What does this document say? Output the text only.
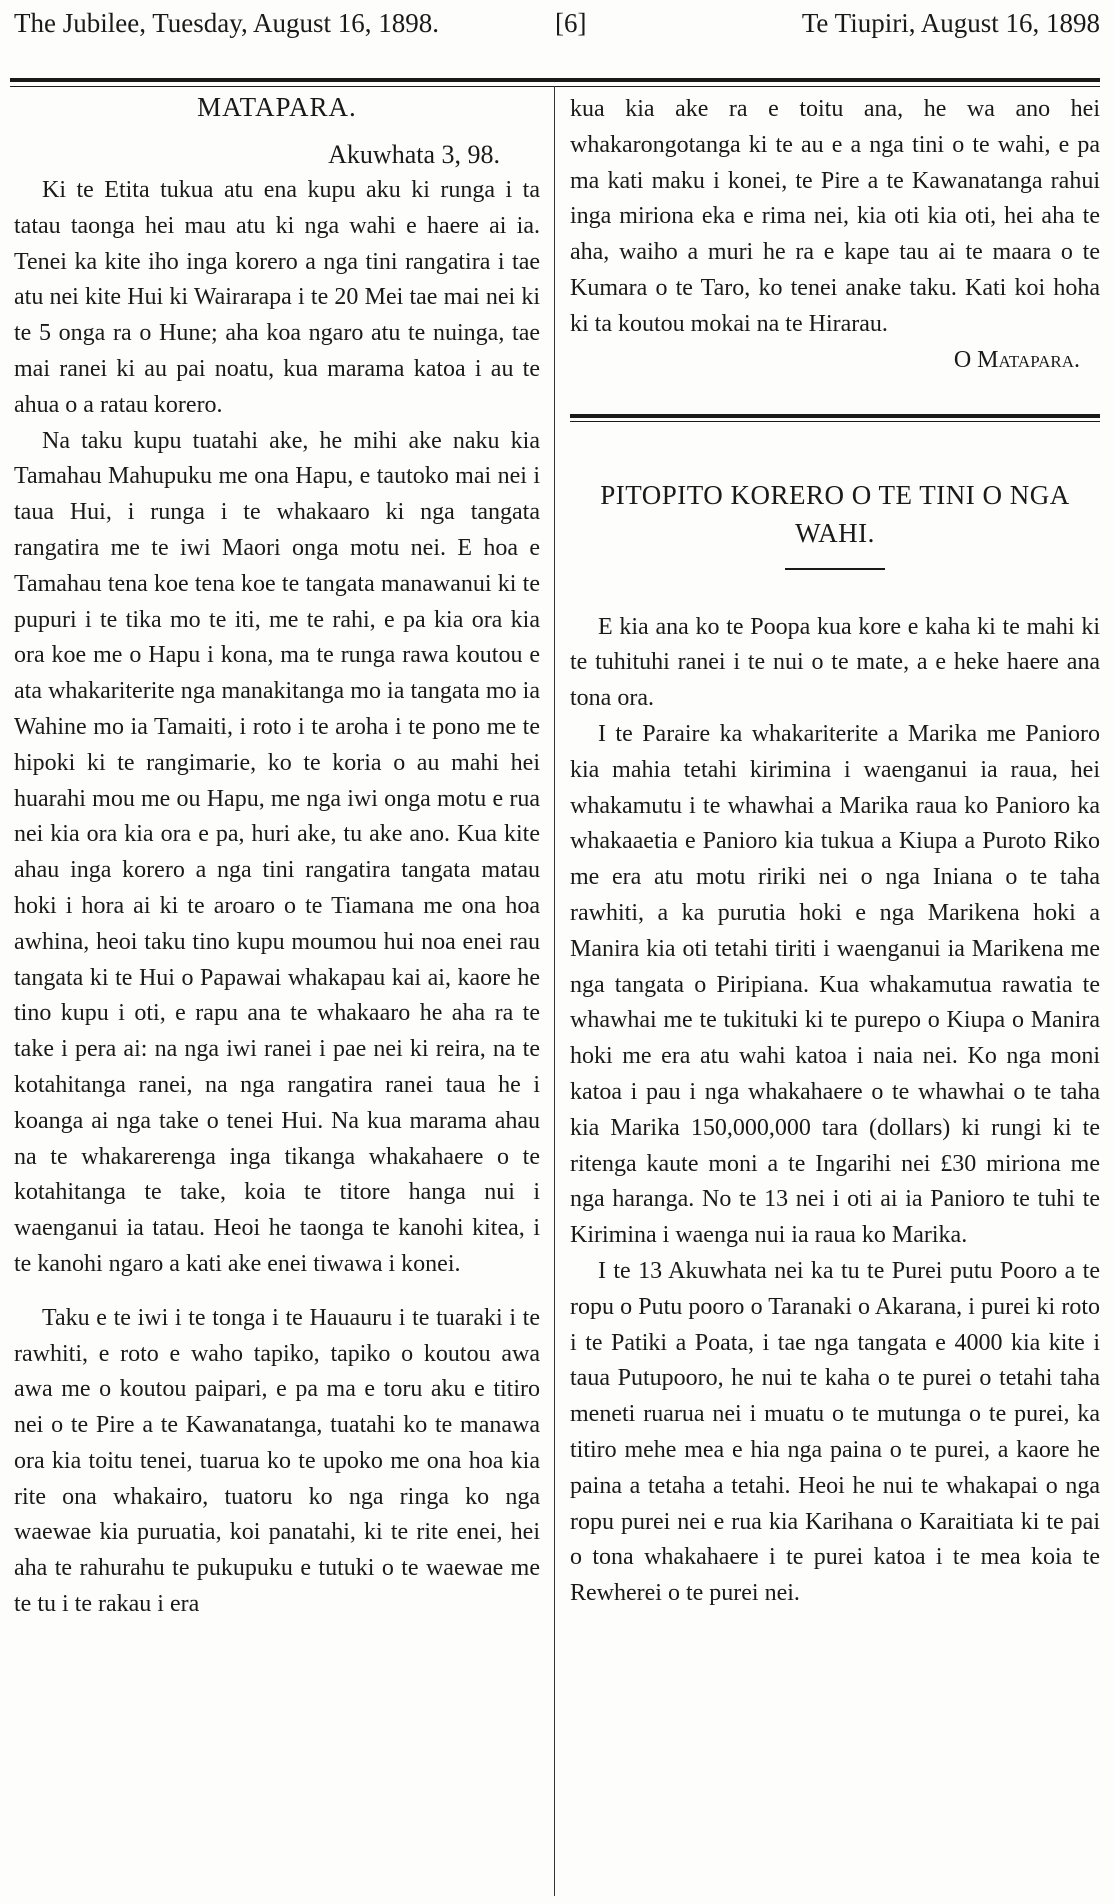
The Jubilee, Tuesday, August 16, 1898.	[6]	Te Tiupiri, August 16, 1898
MATAPARA.
Akuwhata 3, 98.

Ki te Etita tukua atu ena kupu aku ki runga i ta tatau taonga hei mau atu ki nga wahi e haere ai ia. Tenei ka kite iho inga korero a nga tini rangatira i tae atu nei kite Hui ki Wairarapa i te 20 Mei tae mai nei ki te 5 onga ra o Hune; aha koa ngaro atu te nuinga, tae mai ranei ki au pai noatu, kua marama katoa i au te ahua o a ratau korero.

Na taku kupu tuatahi ake, he mihi ake naku kia Tamahau Mahupuku me ona Hapu, e tautoko mai nei i taua Hui, i runga i te whakaaro ki nga tangata rangatira me te iwi Maori onga motu nei. E hoa e Tamahau tena koe tena koe te tangata manawanui ki te pupuri i te tika mo te iti, me te rahi, e pa kia ora kia ora koe me o Hapu i kona, ma te runga rawa koutou e ata whakariterite nga manakitanga mo ia tangata mo ia Wahine mo ia Tamaiti, i roto i te aroha i te pono me te hipoki ki te rangimarie, ko te koria o au mahi hei huarahi mou me ou Hapu, me nga iwi onga motu e rua nei kia ora kia ora e pa, huri ake, tu ake ano. Kua kite ahau inga korero a nga tini rangatira tangata matau hoki i hora ai ki te aroaro o te Tiamana me ona hoa awhina, heoi taku tino kupu moumou hui noa enei rau tangata ki te Hui o Papawai whakapau kai ai, kaore he tino kupu i oti, e rapu ana te whakaaro he aha ra te take i pera ai: na nga iwi ranei i pae nei ki reira, na te kotahitanga ranei, na nga rangatira ranei taua he i koanga ai nga take o tenei Hui. Na kua marama ahau na te whakarerenga inga tikanga whakahaere o te kotahitanga te take, koia te titore hanga nui i waenganui ia tatau. Heoi he taonga te kanohi kitea, i te kanohi ngaro a kati ake enei tiwawa i konei.

Taku e te iwi i te tonga i te Hauauru i te tuaraki i te rawhiti, e roto e waho tapiko, tapiko o koutou awa awa me o koutou paipari, e pa ma e toru aku e titiro nei o te Pire a te Kawanatanga, tuatahi ko te manawa ora kia toitu tenei, tuarua ko te upoko me ona hoa kia rite ona whakairo, tuatoru ko nga ringa ko nga waewae kia puruatia, koi panatahi, ki te rite enei, hei aha te rahurahu te pukupuku e tutuki o te waewae me te tu i te rakau i era

kua kia ake ra e toitu ana, he wa ano hei whakarongotanga ki te au e a nga tini o te wahi, e pa ma kati maku i konei, te Pire a te Kawanatanga rahui inga miriona eka e rima nei, kia oti kia oti, hei aha te aha, waiho a muri he ra e kape tau ai te maara o te Kumara o te Taro, ko tenei anake taku. Kati koi hoha ki ta koutou mokai na te Hirarau.

O Matapara.
PITOPITO KORERO O TE TINI O NGA WAHI.

E kia ana ko te Poopa kua kore e kaha ki te mahi ki te tuhituhi ranei i te nui o te mate, a e heke haere ana tona ora.

I te Paraire ka whakariterite a Marika me Panioro kia mahia tetahi kirimina i waenganui ia raua, hei whakamutu i te whawhai a Marika raua ko Panioro ka whakaaetia e Panioro kia tukua a Kiupa a Puroto Riko me era atu motu ririki nei o nga Iniana o te taha rawhiti, a ka purutia hoki e nga Marikena hoki a Manira kia oti tetahi tiriti i waenganui ia Marikena me nga tangata o Piripiana. Kua whakamutua rawatia te whawhai me te tukituki ki te purepo o Kiupa o Manira hoki me era atu wahi katoa i naia nei. Ko nga moni katoa i pau i nga whakahaere o te whawhai o te taha kia Marika 150,000,000 tara (dollars) ki rungi ki te ritenga kaute moni a te Ingarihi nei £30 miriona me nga haranga. No te 13 nei i oti ai ia Panioro te tuhi te Kirimina i waenga nui ia raua ko Marika.

I te 13 Akuwhata nei ka tu te Purei putu Pooro a te ropu o Putu pooro o Taranaki o Akarana, i purei ki roto i te Patiki a Poata, i tae nga tangata e 4000 kia kite i taua Putupooro, he nui te kaha o te purei o tetahi taha meneti ruarua nei i muatu o te mutunga o te purei, ka titiro mehe mea e hia nga paina o te purei, a kaore he paina a tetaha a tetahi. Heoi he nui te whakapai o nga ropu purei nei e rua kia Karihana o Karaitiata ki te pai o tona whakahaere i te purei katoa i te mea koia te Rewherei o te purei nei.
